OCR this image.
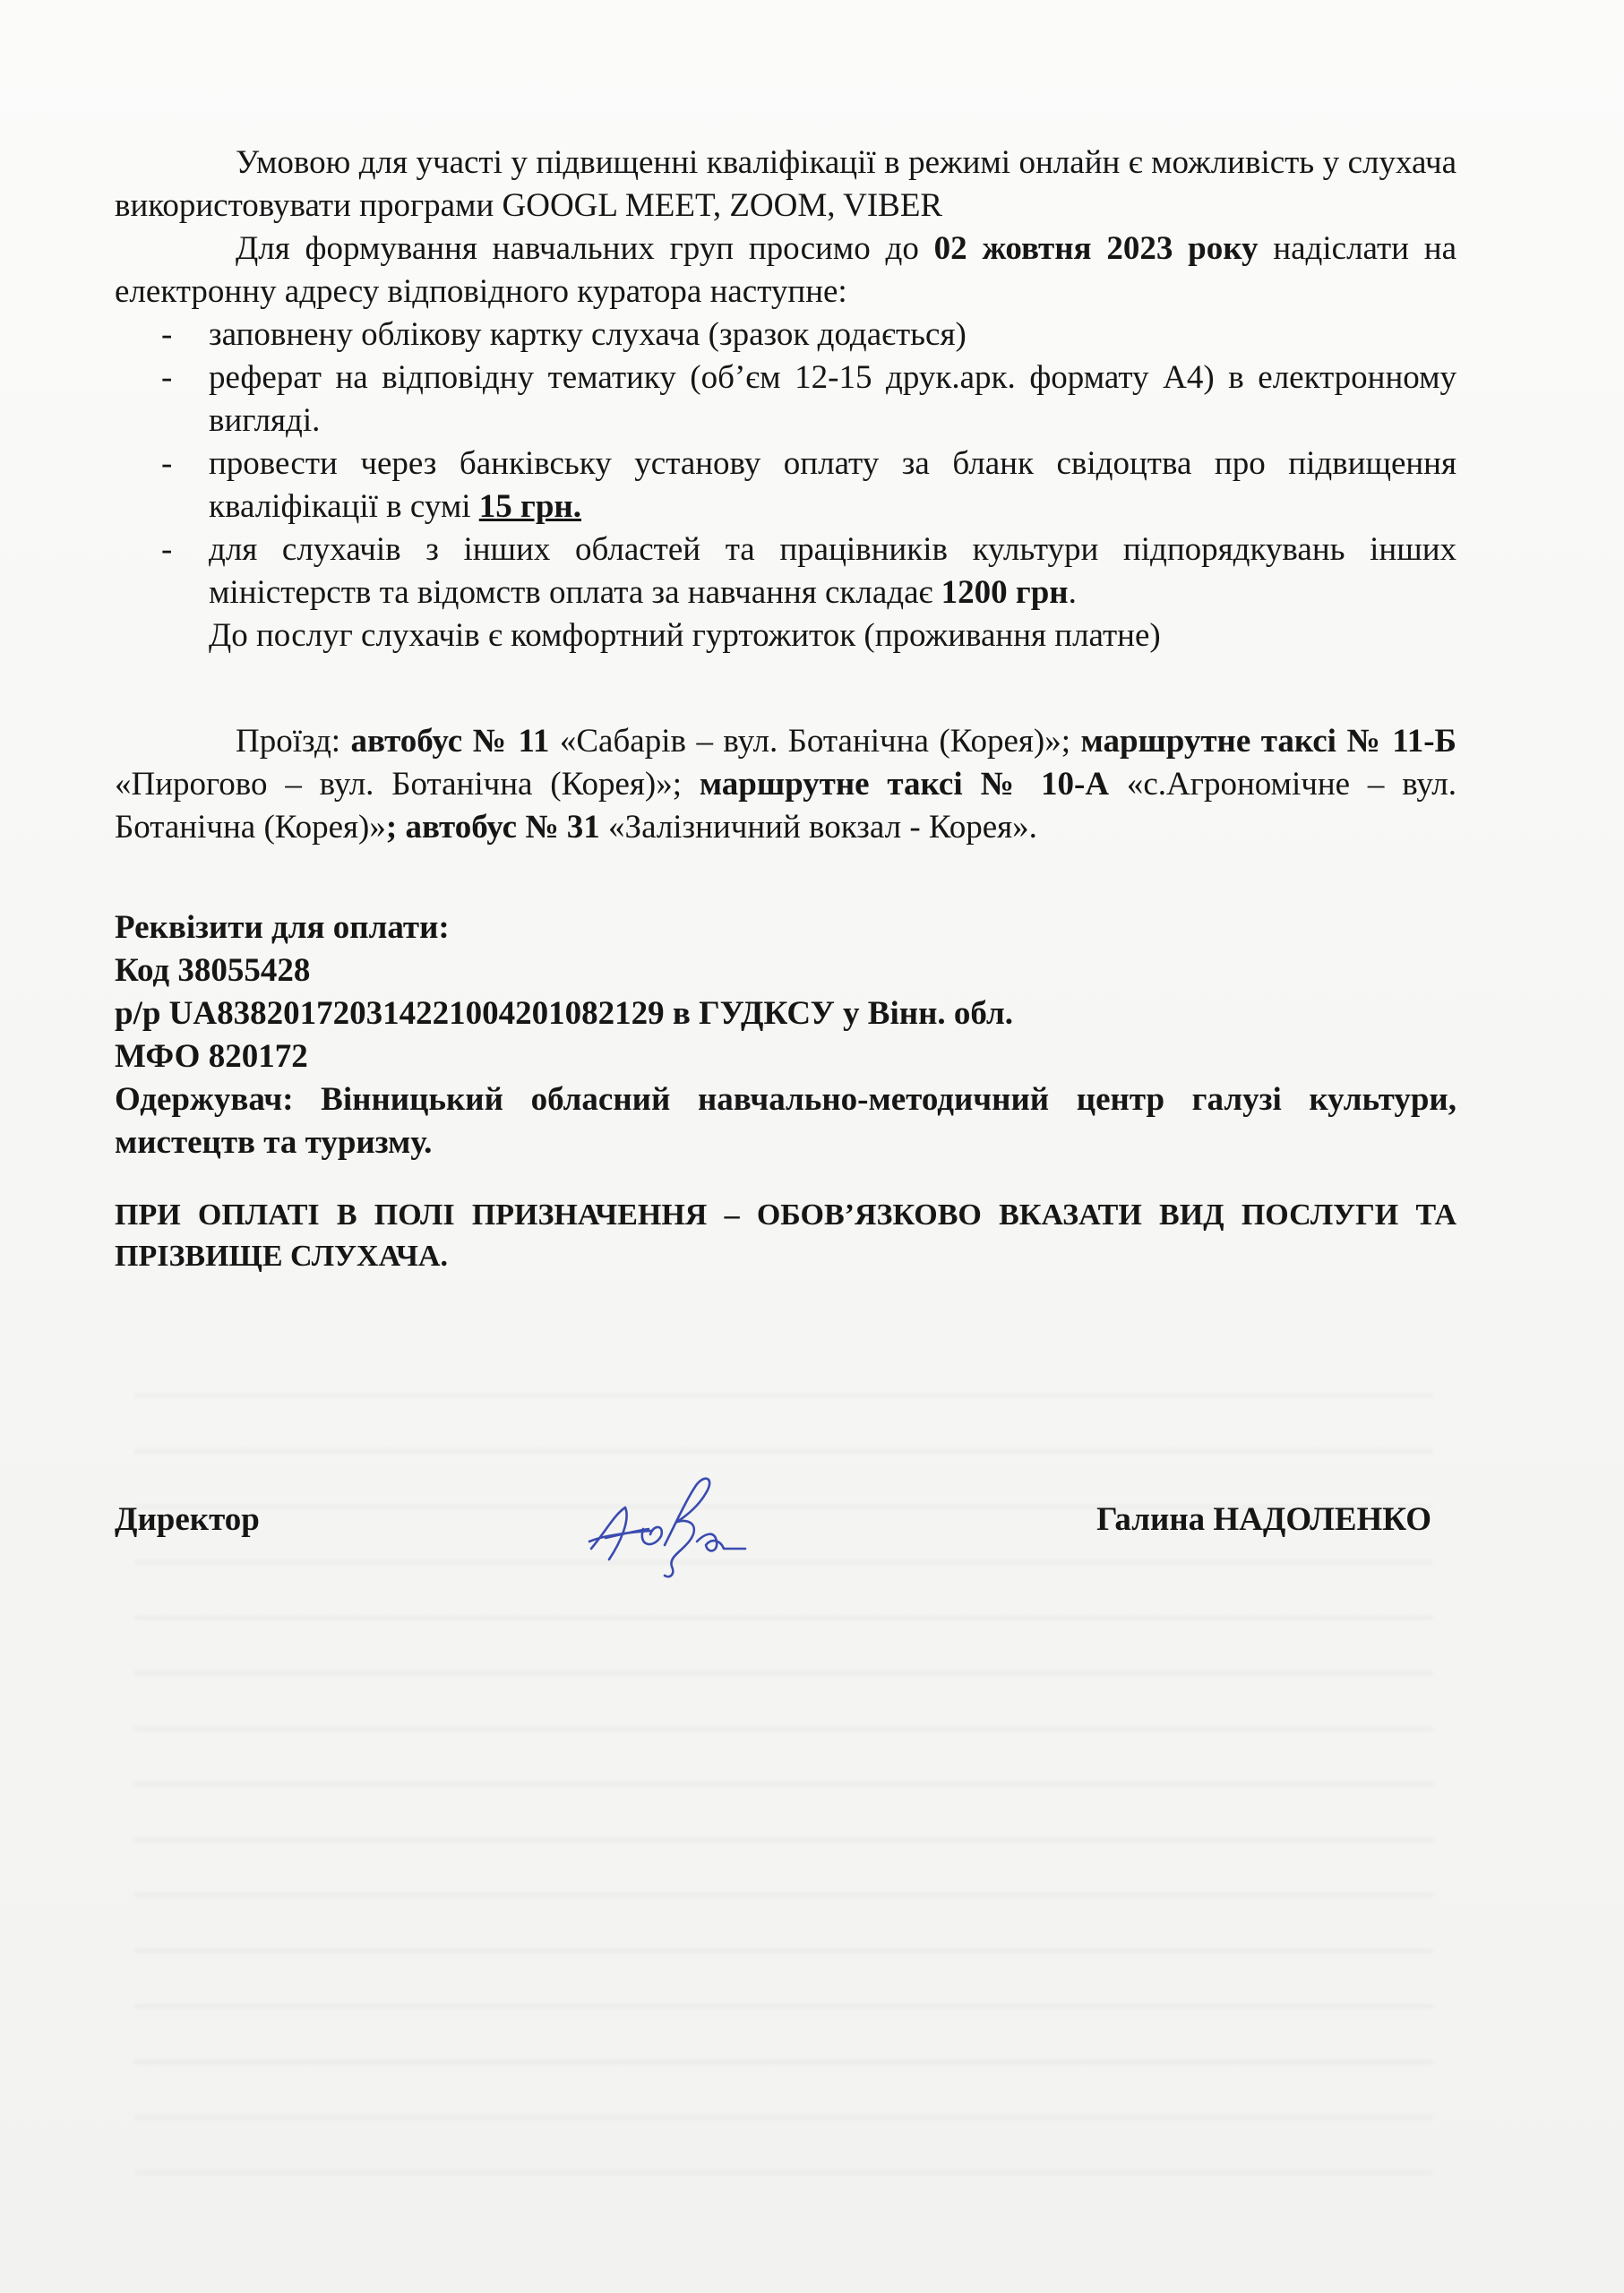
Умовою для участі у підвищенні кваліфікації в режимі онлайн є можливість у слухача використовувати програми GOOGL MEET, ZOOM, VIBER

Для формування навчальних груп просимо до 02 жовтня 2023 року надіслати на електронну адресу відповідного куратора наступне:

- заповнену облікову картку слухача (зразок додається)
- реферат на відповідну тематику (об’єм 12-15 друк.арк. формату А4) в електронному вигляді.
- провести через банківську установу оплату за бланк свідоцтва про підвищення кваліфікації в сумі 15 грн.
- для слухачів з інших областей та працівників культури підпорядкувань інших міністерств та відомств оплата за навчання складає 1200 грн.

До послуг слухачів є комфортний гуртожиток (проживання платне)

Проїзд: автобус № 11 «Сабарів – вул. Ботанічна (Корея)»; маршрутне таксі № 11-Б «Пирогово – вул. Ботанічна (Корея)»; маршрутне таксі № 10-А «с.Агрономічне – вул. Ботанічна (Корея)»; автобус № 31 «Залізничний вокзал - Корея».

Реквізити для оплати:

Код 38055428

р/р UA838201720314221004201082129 в ГУДКСУ у Вінн. обл.

МФО 820172

Одержувач: Вінницький обласний навчально-методичний центр галузі культури, мистецтв та туризму.

ПРИ ОПЛАТІ В ПОЛІ ПРИЗНАЧЕННЯ – ОБОВ’ЯЗКОВО ВКАЗАТИ ВИД ПОСЛУГИ ТА ПРІЗВИЩЕ СЛУХАЧА.

Директор	Галина НАДОЛЕНКО
